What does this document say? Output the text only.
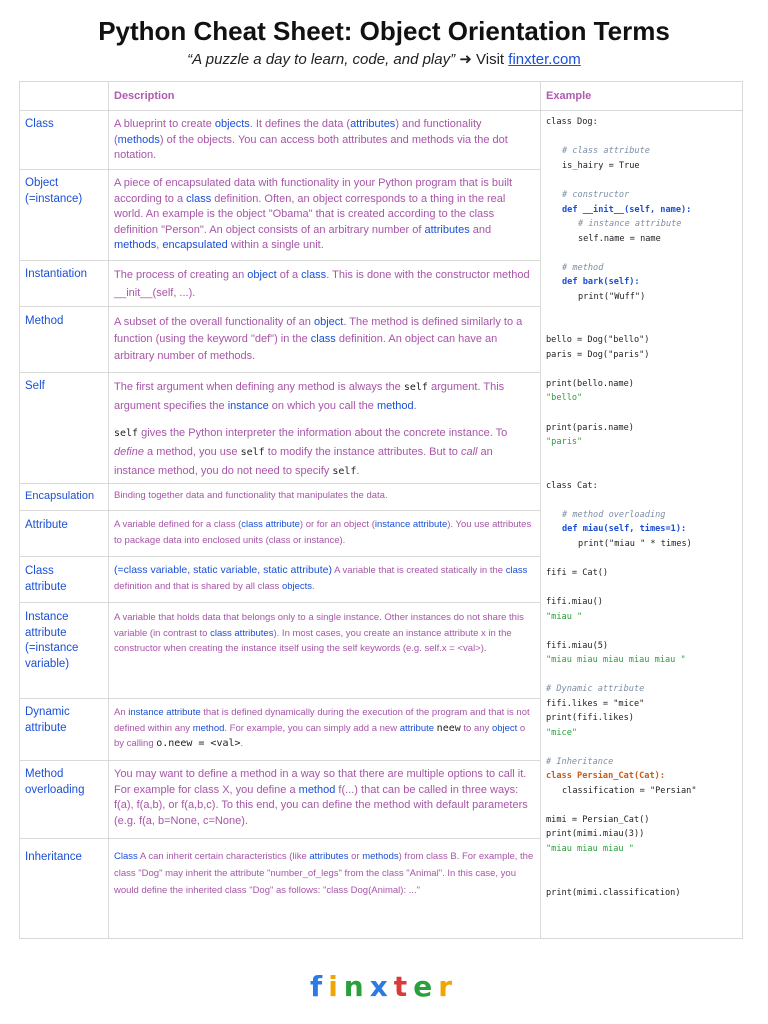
Python Cheat Sheet: Object Orientation Terms
“A puzzle a day to learn, code, and play” ➜ Visit finxter.com
Description	Example
Class
Object
(=instance)
Instantiation
Method
Self
Encapsulation
Attribute
Class
attribute
Instance
attribute
(=instance
variable)
Dynamic
attribute
Method
overloading
Inheritance
A blueprint to create objects. It defines the data (attributes) and functionality (methods) of the objects. You can access both attributes and methods via the dot notation.
A piece of encapsulated data with functionality in your Python program that is built according to a class definition. Often, an object corresponds to a thing in the real world. An example is the object "Obama" that is created according to the class definition "Person". An object consists of an arbitrary number of attributes and methods, encapsulated within a single unit.
The process of creating an object of a class. This is done with the constructor method __init__(self, ...).
A subset of the overall functionality of an object. The method is defined similarly to a function (using the keyword "def") in the class definition. An object can have an arbitrary number of methods.
The first argument when defining any method is always the self argument. This argument specifies the instance on which you call the method.
self gives the Python interpreter the information about the concrete instance. To define a method, you use self to modify the instance attributes. But to call an instance method, you do not need to specify self.
Binding together data and functionality that manipulates the data.
A variable defined for a class (class attribute) or for an object (instance attribute). You use attributes to package data into enclosed units (class or instance).
(=class variable, static variable, static attribute) A variable that is created statically in the class definition and that is shared by all class objects.
A variable that holds data that belongs only to a single instance. Other instances do not share this variable (in contrast to class attributes). In most cases, you create an instance attribute x in the constructor when creating the instance itself using the self keywords (e.g. self.x = <val>).
An instance attribute that is defined dynamically during the execution of the program and that is not defined within any method. For example, you can simply add a new attribute neew to any object o by calling o.neew = <val>.
You may want to define a method in a way so that there are multiple options to call it. For example for class X, you define a method f(...) that can be called in three ways: f(a), f(a,b), or f(a,b,c). To this end, you can define the method with default parameters (e.g. f(a, b=None, c=None).
Class A can inherit certain characteristics (like attributes or methods) from class B. For example, the class "Dog" may inherit the attribute "number_of_legs" from the class "Animal". In this case, you would define the inherited class "Dog" as follows: "class Dog(Animal): ..."
class Dog:
# class attribute
is_hairy = True
# constructor
def __init__(self, name):
# instance attribute
self.name = name
# method
def bark(self):
print("Wuff")
bello = Dog("bello")
paris = Dog("paris")
print(bello.name)
"bello"
print(paris.name)
"paris"
class Cat:
# method overloading
def miau(self, times=1):
print("miau " * times)
fifi = Cat()
fifi.miau()
"miau "
fifi.miau(5)
"miau miau miau miau miau "
# Dynamic attribute
fifi.likes = "mice"
print(fifi.likes)
"mice"
# Inheritance
class Persian_Cat(Cat):
classification = "Persian"
mimi = Persian_Cat()
print(mimi.miau(3))
"miau miau miau "
print(mimi.classification)
finxter
